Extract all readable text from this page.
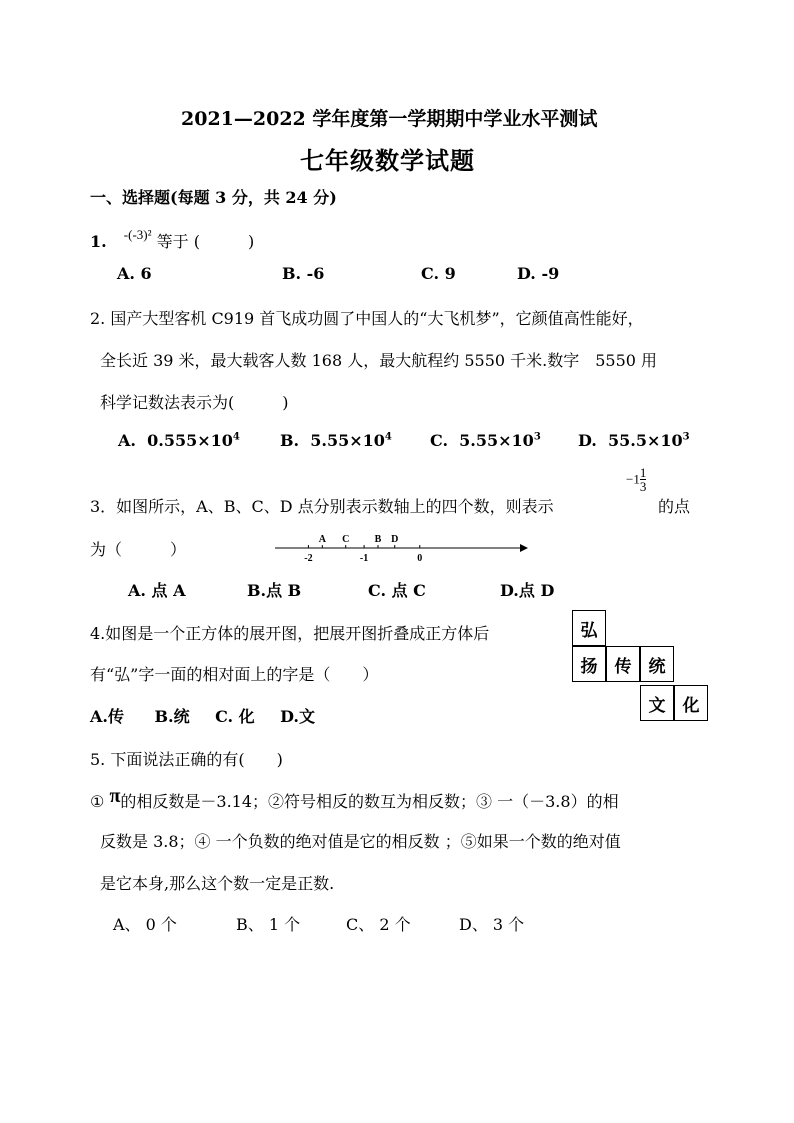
2021—2022 学年度第一学期期中学业水平测试
七年级数学试题
一、选择题(每题 3 分，共 24 分)
1. $^{-(-3)^2}$ 等于 (　　　)
A. 6	B. -6	C. 9	D. -9
2. 国产大型客机 C919 首飞成功圆了中国人的“大飞机梦”，它颜值高性能好，
全长近 39 米，最大载客人数 168 人，最大航程约 5550 千米.数字　5550 用
科学记数法表示为(　　　)
A. $0.555\times 10^4$	B. $5.55\times 10^4$ C. $5.55\times 10^3$ D. $55.5\times 10^3$
3．如图所示，A、B、C、D 点分别表示数轴上的四个数，则表示
$-1 \frac{1}{3}$
的点
为（　　　）	-2	-1	0
A C	B D
A. 点 A	B.点 B	C. 点 C	D.点 D
4.如图是一个正方体的展开图，把展开图折叠成正方体后
有“弘”字一面的相对面上的字是（　　）
A.传 B.统 C. 化 D.文
弘
扬	传	统
文	化
5. 下面说法正确的有(　　)
① π的相反数是－3.14；②符号相反的数互为相反数；③ 一（－3.8）的相
反数是 3.8；④ 一个负数的绝对值是它的相反数 ；⑤如果一个数的绝对值
是它本身,那么这个数一定是正数.
A、 0 个	B、 1 个	C、 2 个	D、 3 个
